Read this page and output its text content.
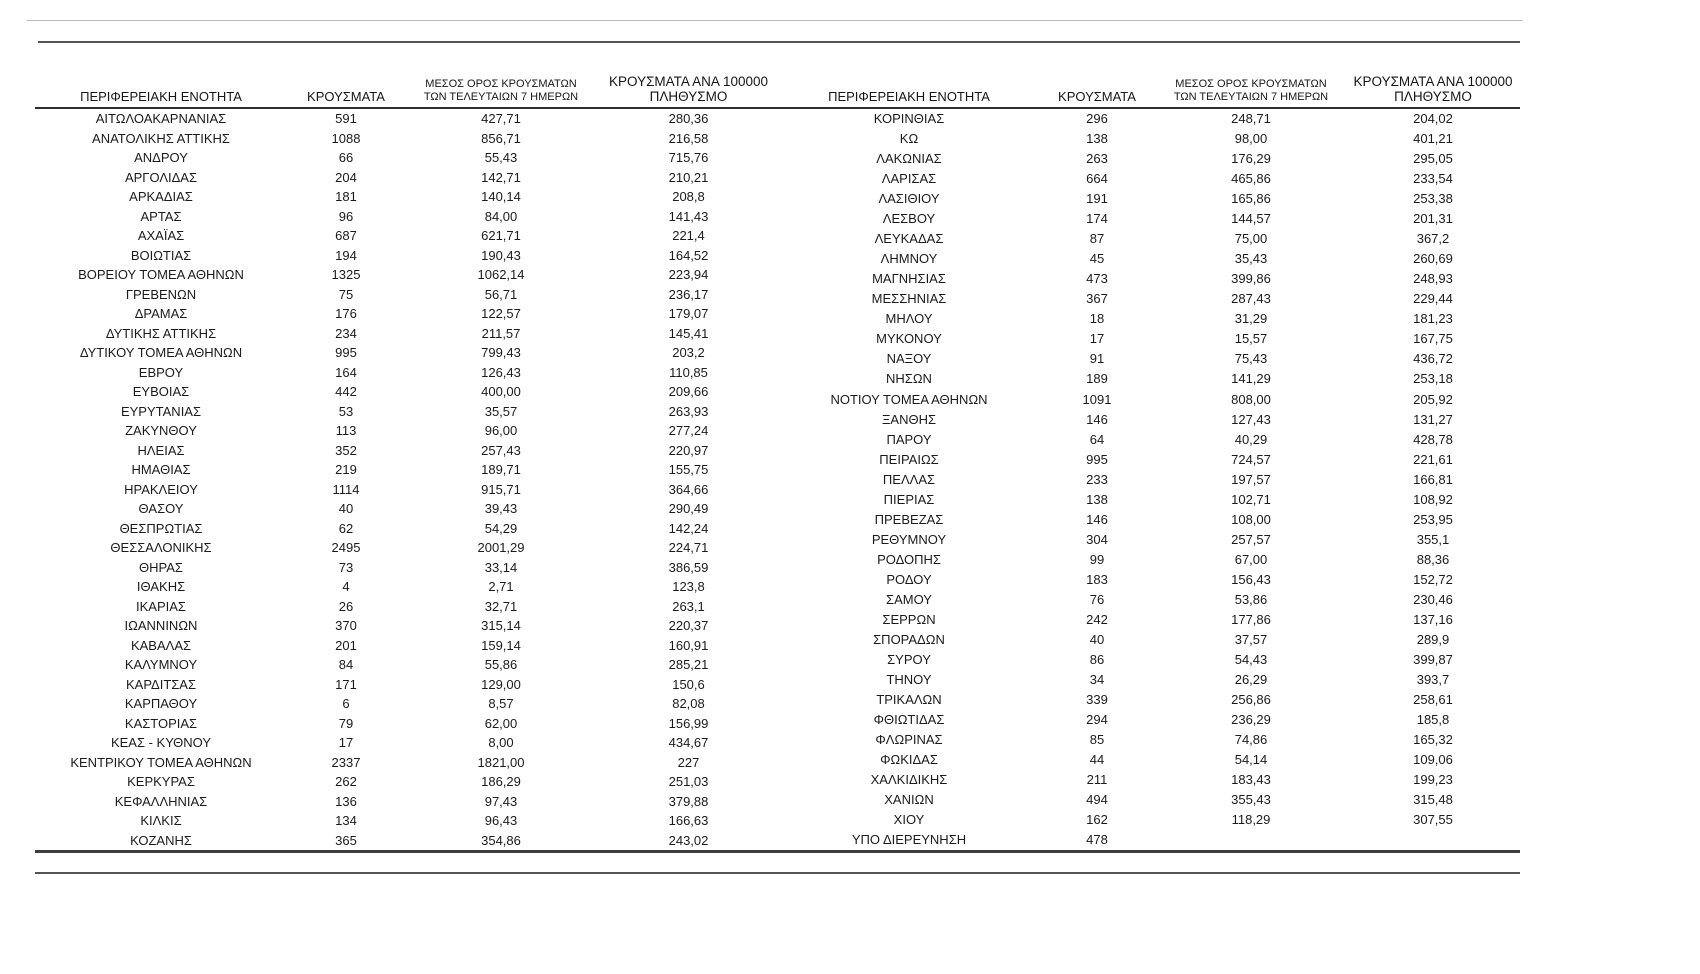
ΠΕΡΙΦΕΡΕΙΑΚΗ ΕΝΟΤΗΤΑ	ΚΡΟΥΣΜΑΤΑ	ΜΕΣΟΣ ΟΡΟΣ ΚΡΟΥΣΜΑΤΩΝ
ΤΩΝ ΤΕΛΕΥΤΑΙΩΝ 7 ΗΜΕΡΩΝ	ΚΡΟΥΣΜΑΤΑ ΑΝΑ 100000
ΠΛΗΘΥΣΜΟ
ΑΙΤΩΛΟΑΚΑΡΝΑΝΙΑΣ	591	427,71	280,36
ΑΝΑΤΟΛΙΚΗΣ ΑΤΤΙΚΗΣ	1088	856,71	216,58
ΑΝΔΡΟΥ	66	55,43	715,76
ΑΡΓΟΛΙΔΑΣ	204	142,71	210,21
ΑΡΚΑΔΙΑΣ	181	140,14	208,8
ΑΡΤΑΣ	96	84,00	141,43
ΑΧΑΪΑΣ	687	621,71	221,4
ΒΟΙΩΤΙΑΣ	194	190,43	164,52
ΒΟΡΕΙΟΥ ΤΟΜΕΑ ΑΘΗΝΩΝ	1325	1062,14	223,94
ΓΡΕΒΕΝΩΝ	75	56,71	236,17
ΔΡΑΜΑΣ	176	122,57	179,07
ΔΥΤΙΚΗΣ ΑΤΤΙΚΗΣ	234	211,57	145,41
ΔΥΤΙΚΟΥ ΤΟΜΕΑ ΑΘΗΝΩΝ	995	799,43	203,2
ΕΒΡΟΥ	164	126,43	110,85
ΕΥΒΟΙΑΣ	442	400,00	209,66
ΕΥΡΥΤΑΝΙΑΣ	53	35,57	263,93
ΖΑΚΥΝΘΟΥ	113	96,00	277,24
ΗΛΕΙΑΣ	352	257,43	220,97
ΗΜΑΘΙΑΣ	219	189,71	155,75
ΗΡΑΚΛΕΙΟΥ	1114	915,71	364,66
ΘΑΣΟΥ	40	39,43	290,49
ΘΕΣΠΡΩΤΙΑΣ	62	54,29	142,24
ΘΕΣΣΑΛΟΝΙΚΗΣ	2495	2001,29	224,71
ΘΗΡΑΣ	73	33,14	386,59
ΙΘΑΚΗΣ	4	2,71	123,8
ΙΚΑΡΙΑΣ	26	32,71	263,1
ΙΩΑΝΝΙΝΩΝ	370	315,14	220,37
ΚΑΒΑΛΑΣ	201	159,14	160,91
ΚΑΛΥΜΝΟΥ	84	55,86	285,21
ΚΑΡΔΙΤΣΑΣ	171	129,00	150,6
ΚΑΡΠΑΘΟΥ	6	8,57	82,08
ΚΑΣΤΟΡΙΑΣ	79	62,00	156,99
ΚΕΑΣ - ΚΥΘΝΟΥ	17	8,00	434,67
ΚΕΝΤΡΙΚΟΥ ΤΟΜΕΑ ΑΘΗΝΩΝ	2337	1821,00	227
ΚΕΡΚΥΡΑΣ	262	186,29	251,03
ΚΕΦΑΛΛΗΝΙΑΣ	136	97,43	379,88
ΚΙΛΚΙΣ	134	96,43	166,63
ΚΟΖΑΝΗΣ	365	354,86	243,02
ΠΕΡΙΦΕΡΕΙΑΚΗ ΕΝΟΤΗΤΑ	ΚΡΟΥΣΜΑΤΑ	ΜΕΣΟΣ ΟΡΟΣ ΚΡΟΥΣΜΑΤΩΝ
ΤΩΝ ΤΕΛΕΥΤΑΙΩΝ 7 ΗΜΕΡΩΝ	ΚΡΟΥΣΜΑΤΑ ΑΝΑ 100000
ΠΛΗΘΥΣΜΟ
ΚΟΡΙΝΘΙΑΣ	296	248,71	204,02
ΚΩ	138	98,00	401,21
ΛΑΚΩΝΙΑΣ	263	176,29	295,05
ΛΑΡΙΣΑΣ	664	465,86	233,54
ΛΑΣΙΘΙΟΥ	191	165,86	253,38
ΛΕΣΒΟΥ	174	144,57	201,31
ΛΕΥΚΑΔΑΣ	87	75,00	367,2
ΛΗΜΝΟΥ	45	35,43	260,69
ΜΑΓΝΗΣΙΑΣ	473	399,86	248,93
ΜΕΣΣΗΝΙΑΣ	367	287,43	229,44
ΜΗΛΟΥ	18	31,29	181,23
ΜΥΚΟΝΟΥ	17	15,57	167,75
ΝΑΞΟΥ	91	75,43	436,72
ΝΗΣΩΝ	189	141,29	253,18
ΝΟΤΙΟΥ ΤΟΜΕΑ ΑΘΗΝΩΝ	1091	808,00	205,92
ΞΑΝΘΗΣ	146	127,43	131,27
ΠΑΡΟΥ	64	40,29	428,78
ΠΕΙΡΑΙΩΣ	995	724,57	221,61
ΠΕΛΛΑΣ	233	197,57	166,81
ΠΙΕΡΙΑΣ	138	102,71	108,92
ΠΡΕΒΕΖΑΣ	146	108,00	253,95
ΡΕΘΥΜΝΟΥ	304	257,57	355,1
ΡΟΔΟΠΗΣ	99	67,00	88,36
ΡΟΔΟΥ	183	156,43	152,72
ΣΑΜΟΥ	76	53,86	230,46
ΣΕΡΡΩΝ	242	177,86	137,16
ΣΠΟΡΑΔΩΝ	40	37,57	289,9
ΣΥΡΟΥ	86	54,43	399,87
ΤΗΝΟΥ	34	26,29	393,7
ΤΡΙΚΑΛΩΝ	339	256,86	258,61
ΦΘΙΩΤΙΔΑΣ	294	236,29	185,8
ΦΛΩΡΙΝΑΣ	85	74,86	165,32
ΦΩΚΙΔΑΣ	44	54,14	109,06
ΧΑΛΚΙΔΙΚΗΣ	211	183,43	199,23
ΧΑΝΙΩΝ	494	355,43	315,48
ΧΙΟΥ	162	118,29	307,55
ΥΠΟ ΔΙΕΡΕΥΝΗΣΗ	478		
